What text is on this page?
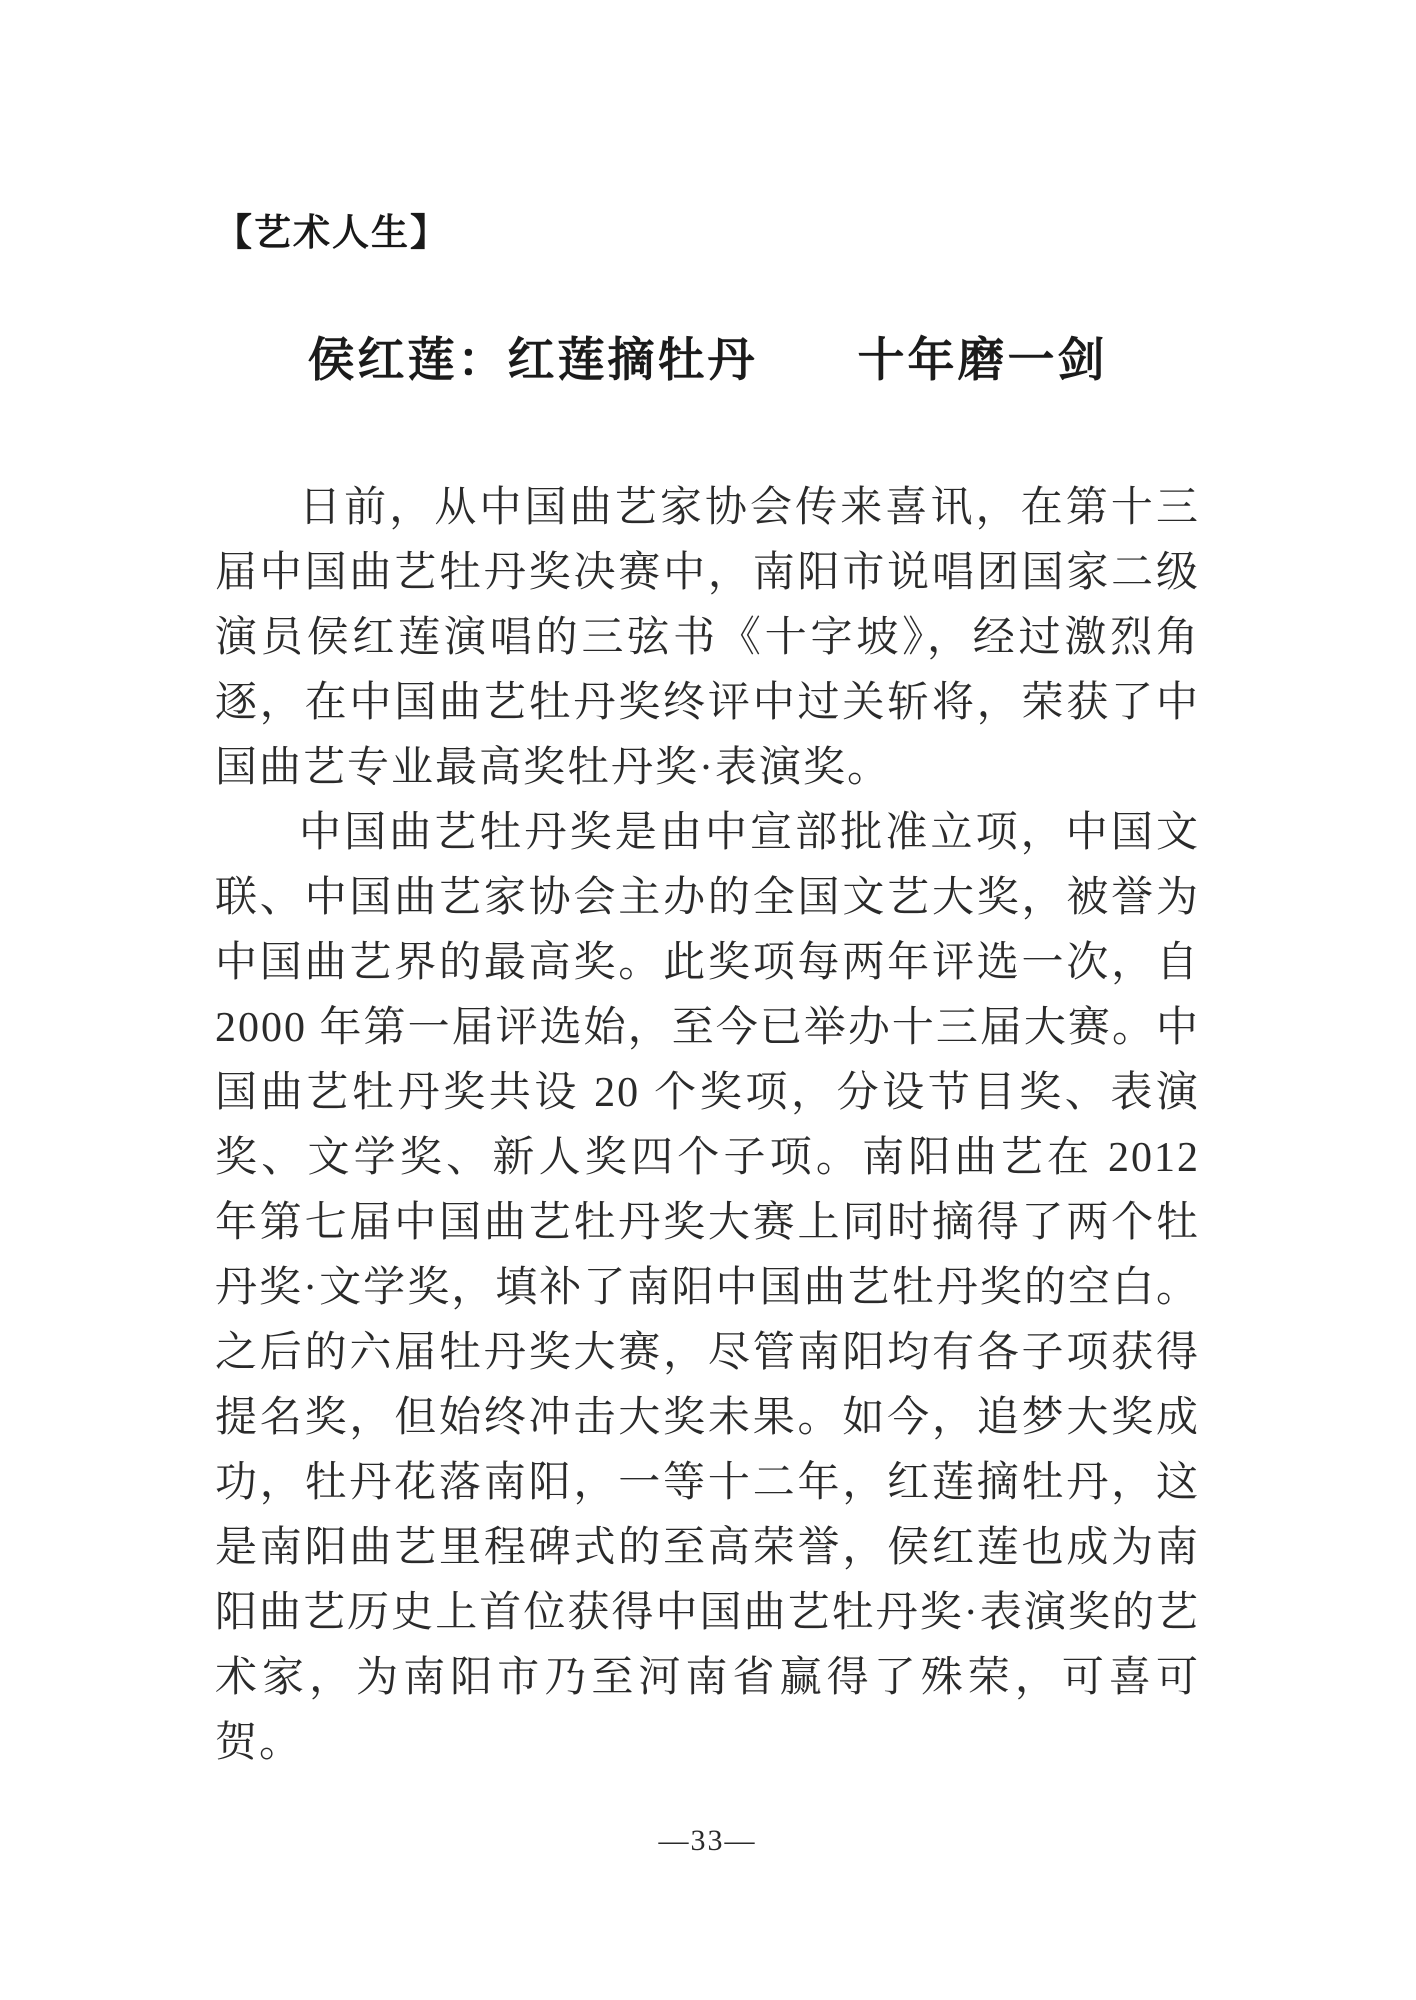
【艺术人生】
侯红莲：红莲摘牡丹　　十年磨一剑

日前，从中国曲艺家协会传来喜讯，在第十三届中国曲艺牡丹奖决赛中，南阳市说唱团国家二级演员侯红莲演唱的三弦书《十字坡》，经过激烈角逐，在中国曲艺牡丹奖终评中过关斩将，荣获了中国曲艺专业最高奖牡丹奖·表演奖。

中国曲艺牡丹奖是由中宣部批准立项，中国文联、中国曲艺家协会主办的全国文艺大奖，被誉为中国曲艺界的最高奖。此奖项每两年评选一次，自 2000 年第一届评选始，至今已举办十三届大赛。中国曲艺牡丹奖共设 20 个奖项，分设节目奖、表演奖、文学奖、新人奖四个子项。南阳曲艺在 2012 年第七届中国曲艺牡丹奖大赛上同时摘得了两个牡丹奖·文学奖，填补了南阳中国曲艺牡丹奖的空白。之后的六届牡丹奖大赛，尽管南阳均有各子项获得提名奖，但始终冲击大奖未果。如今，追梦大奖成功，牡丹花落南阳，一等十二年，红莲摘牡丹，这是南阳曲艺里程碑式的至高荣誉，侯红莲也成为南阳曲艺历史上首位获得中国曲艺牡丹奖·表演奖的艺术家，为南阳市乃至河南省赢得了殊荣，可喜可贺。

—33—
